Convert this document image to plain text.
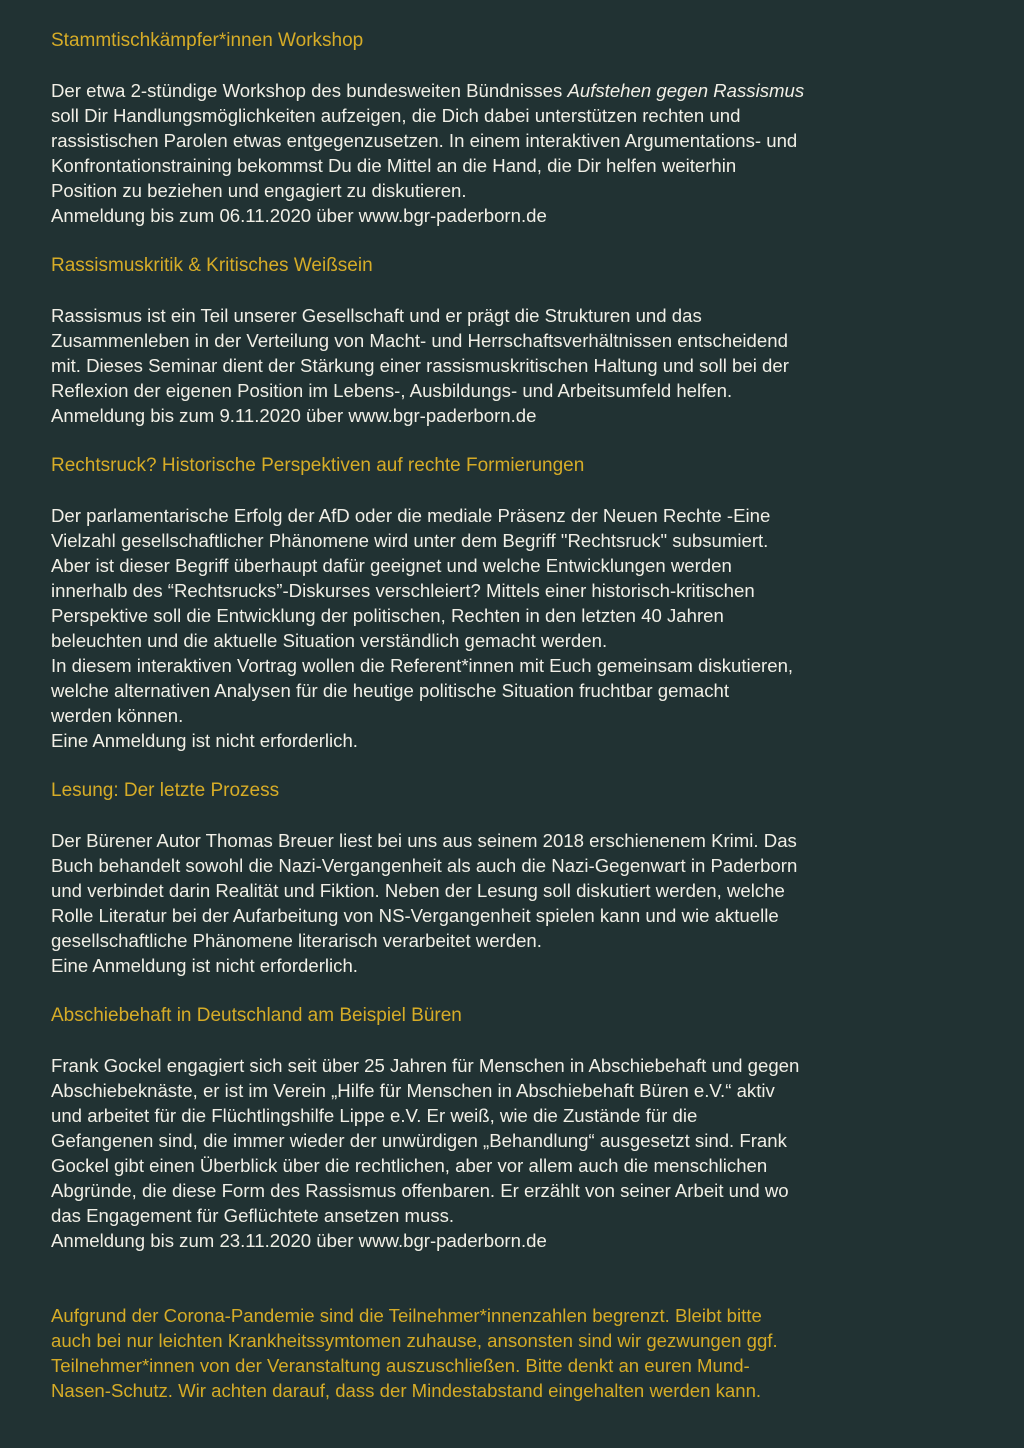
Stammtischkämpfer*innen Workshop

Der etwa 2-stündige Workshop des bundesweiten Bündnisses Aufstehen gegen Rassismus
soll Dir Handlungsmöglichkeiten aufzeigen, die Dich dabei unterstützen rechten und
rassistischen Parolen etwas entgegenzusetzen. In einem interaktiven Argumentations- und
Konfrontationstraining bekommst Du die Mittel an die Hand, die Dir helfen weiterhin
Position zu beziehen und engagiert zu diskutieren.
Anmeldung bis zum 06.11.2020 über www.bgr-paderborn.de

Rassismuskritik & Kritisches Weißsein

Rassismus ist ein Teil unserer Gesellschaft und er prägt die Strukturen und das
Zusammenleben in der Verteilung von Macht- und Herrschaftsverhältnissen entscheidend
mit. Dieses Seminar dient der Stärkung einer rassismuskritischen Haltung und soll bei der
Reflexion der eigenen Position im Lebens-, Ausbildungs- und Arbeitsumfeld helfen.
Anmeldung bis zum 9.11.2020 über www.bgr-paderborn.de

Rechtsruck? Historische Perspektiven auf rechte Formierungen

Der parlamentarische Erfolg der AfD oder die mediale Präsenz der Neuen Rechte -Eine
Vielzahl gesellschaftlicher Phänomene wird unter dem Begriff "Rechtsruck" subsumiert.
Aber ist dieser Begriff überhaupt dafür geeignet und welche Entwicklungen werden
innerhalb des “Rechtsrucks”-Diskurses verschleiert? Mittels einer historisch-kritischen
Perspektive soll die Entwicklung der politischen, Rechten in den letzten 40 Jahren
beleuchten und die aktuelle Situation verständlich gemacht werden.
In diesem interaktiven Vortrag wollen die Referent*innen mit Euch gemeinsam diskutieren,
welche alternativen Analysen für die heutige politische Situation fruchtbar gemacht
werden können.
Eine Anmeldung ist nicht erforderlich.

Lesung: Der letzte Prozess

Der Bürener Autor Thomas Breuer liest bei uns aus seinem 2018 erschienenem Krimi. Das
Buch behandelt sowohl die Nazi-Vergangenheit als auch die Nazi-Gegenwart in Paderborn
und verbindet darin Realität und Fiktion. Neben der Lesung soll diskutiert werden, welche
Rolle Literatur bei der Aufarbeitung von NS-Vergangenheit spielen kann und wie aktuelle
gesellschaftliche Phänomene literarisch verarbeitet werden.
Eine Anmeldung ist nicht erforderlich.

Abschiebehaft in Deutschland am Beispiel Büren

Frank Gockel engagiert sich seit über 25 Jahren für Menschen in Abschiebehaft und gegen
Abschiebeknäste, er ist im Verein „Hilfe für Menschen in Abschiebehaft Büren e.V.“ aktiv
und arbeitet für die Flüchtlingshilfe Lippe e.V. Er weiß, wie die Zustände für die
Gefangenen sind, die immer wieder der unwürdigen „Behandlung“ ausgesetzt sind. Frank
Gockel gibt einen Überblick über die rechtlichen, aber vor allem auch die menschlichen
Abgründe, die diese Form des Rassismus offenbaren. Er erzählt von seiner Arbeit und wo
das Engagement für Geflüchtete ansetzen muss.
Anmeldung bis zum 23.11.2020 über www.bgr-paderborn.de

Aufgrund der Corona-Pandemie sind die Teilnehmer*innenzahlen begrenzt. Bleibt bitte
auch bei nur leichten Krankheitssymtomen zuhause, ansonsten sind wir gezwungen ggf.
Teilnehmer*innen von der Veranstaltung auszuschließen. Bitte denkt an euren Mund-
Nasen-Schutz. Wir achten darauf, dass der Mindestabstand eingehalten werden kann.
